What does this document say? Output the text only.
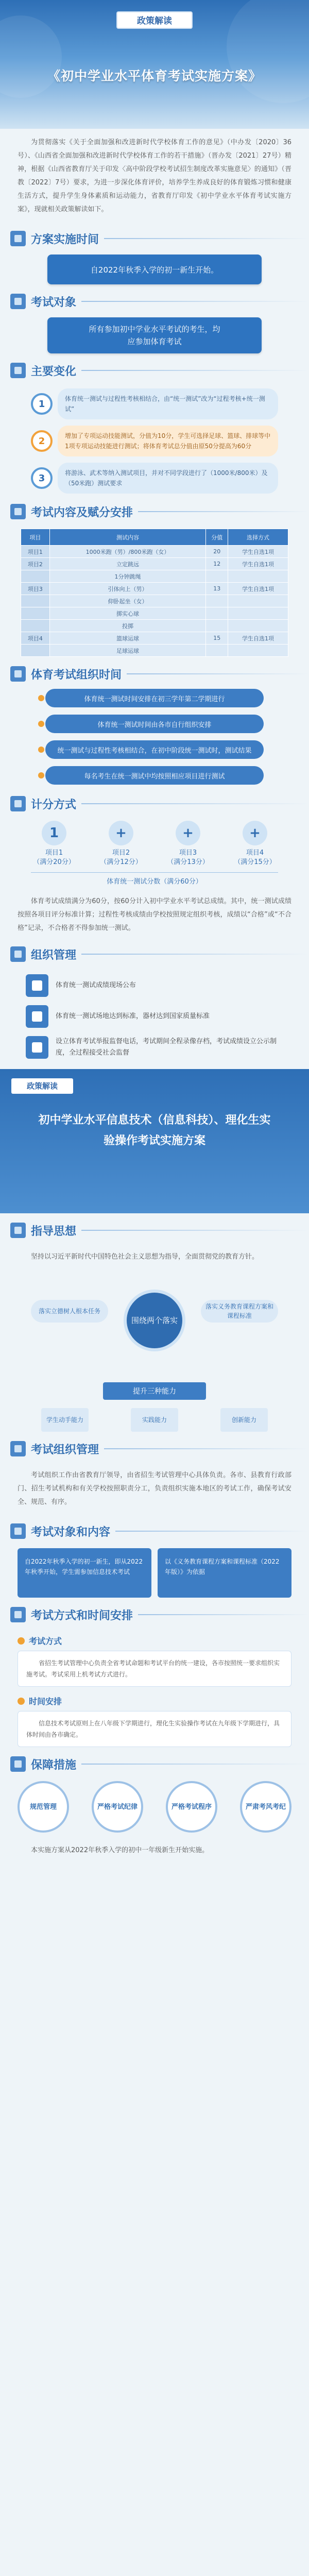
政策解读
《初中学业水平体育考试实施方案》

为贯彻落实《关于全面加强和改进新时代学校体育工作的意见》（中办发〔2020〕36号）、《山西省全面加强和改进新时代学校体育工作的若干措施》（晋办发〔2021〕27号）精神，根据《山西省教育厅关于印发〈高中阶段学校考试招生制度改革实施意见〉的通知》（晋教〔2022〕7号）要求，为进一步深化体育评价，培养学生养成良好的体育锻炼习惯和健康生活方式，提升学生身体素质和运动能力，省教育厅印发《初中学业水平体育考试实施方案》，现就相关政策解读如下。

方案实施时间
自2022年秋季入学的初一新生开始。
考试对象
所有参加初中学业水平考试的考生，均
应参加体育考试
主要变化
1	体育统一测试与过程性考核相结合，由“统一测试”改为“过程考核+统一测试”
2	增加了专项运动技能测试，分值为10分，学生可选择足球、篮球、排球等中1项专项运动技能进行测试；将体育考试总分值由原50分提高为60分
3	将游泳、武术等纳入测试项目，并对不同学段进行了（1000米/800米）及（50米跑）测试要求
考试内容及赋分安排
项目	测试内容	分值	选择方式
项目1	1000米跑（男）/800米跑（女）	20	学生自选1项
项目2	立定跳远	12	学生自选1项
	1分钟跳绳		
项目3	引体向上（男）	13	学生自选1项
	仰卧起坐（女）		
	掷实心球		
	投掷		
项目4	篮球运球	15	学生自选1项
	足球运球		
体育考试组织时间
体育统一测试时间安排在初三学年第二学期进行
体育统一测试时间由各市自行组织安排
统一测试与过程性考核相结合，在初中阶段统一测试时，测试结果
每名考生在统一测试中均按照相应项目进行测试
计分方式
1
项目1
（满分20分）
+
项目2
（满分12分）
+
项目3
（满分13分）
+
项目4
（满分15分）
体育统一测试分数（满分60分）

体育考试成绩满分为60分，按60分计入初中学业水平考试总成绩。其中，统一测试成绩按照各项目评分标准计算；过程性考核成绩由学校按照规定组织考核，成绩以“合格”或“不合格”记录，不合格者不得参加统一测试。

组织管理
体育统一测试成绩现场公布
体育统一测试场地达到标准，器材达到国家质量标准
设立体育考试举报监督电话，考试期间全程录像存档，考试成绩设立公示制度，全过程接受社会监督
政策解读
初中学业水平信息技术（信息科技）、理化生实验操作考试实施方案
指导思想

坚持以习近平新时代中国特色社会主义思想为指导，全面贯彻党的教育方针。

落实立德树人根本任务
落实义务教育课程方案和课程标准
围绕 两个落实
提升三种能力
学生动手能力	实践能力	创新能力
考试组织管理

考试组织工作由省教育厅领导，由省招生考试管理中心具体负责。各市、县教育行政部门、招生考试机构和有关学校按照职责分工，负责组织实施本地区的考试工作，确保考试安全、规范、有序。

考试对象和内容
自2022年秋季入学的初一新生，即从2022年秋季开始，学生需参加信息技术考试
以《义务教育课程方案和课程标准（2022年版）》为依据
考试方式和时间安排
考试方式
省招生考试管理中心负责全省考试命题和考试平台的统一建设，各市按照统一要求组织实施考试。考试采用上机考试方式进行。
时间安排
信息技术考试原则上在八年级下学期进行，理化生实验操作考试在九年级下学期进行，具体时间由各市确定。
保障措施
规范管理	严格考试纪律	严格考试程序	严肃考风考纪

本实施方案从2022年秋季入学的初中一年级新生开始实施。
